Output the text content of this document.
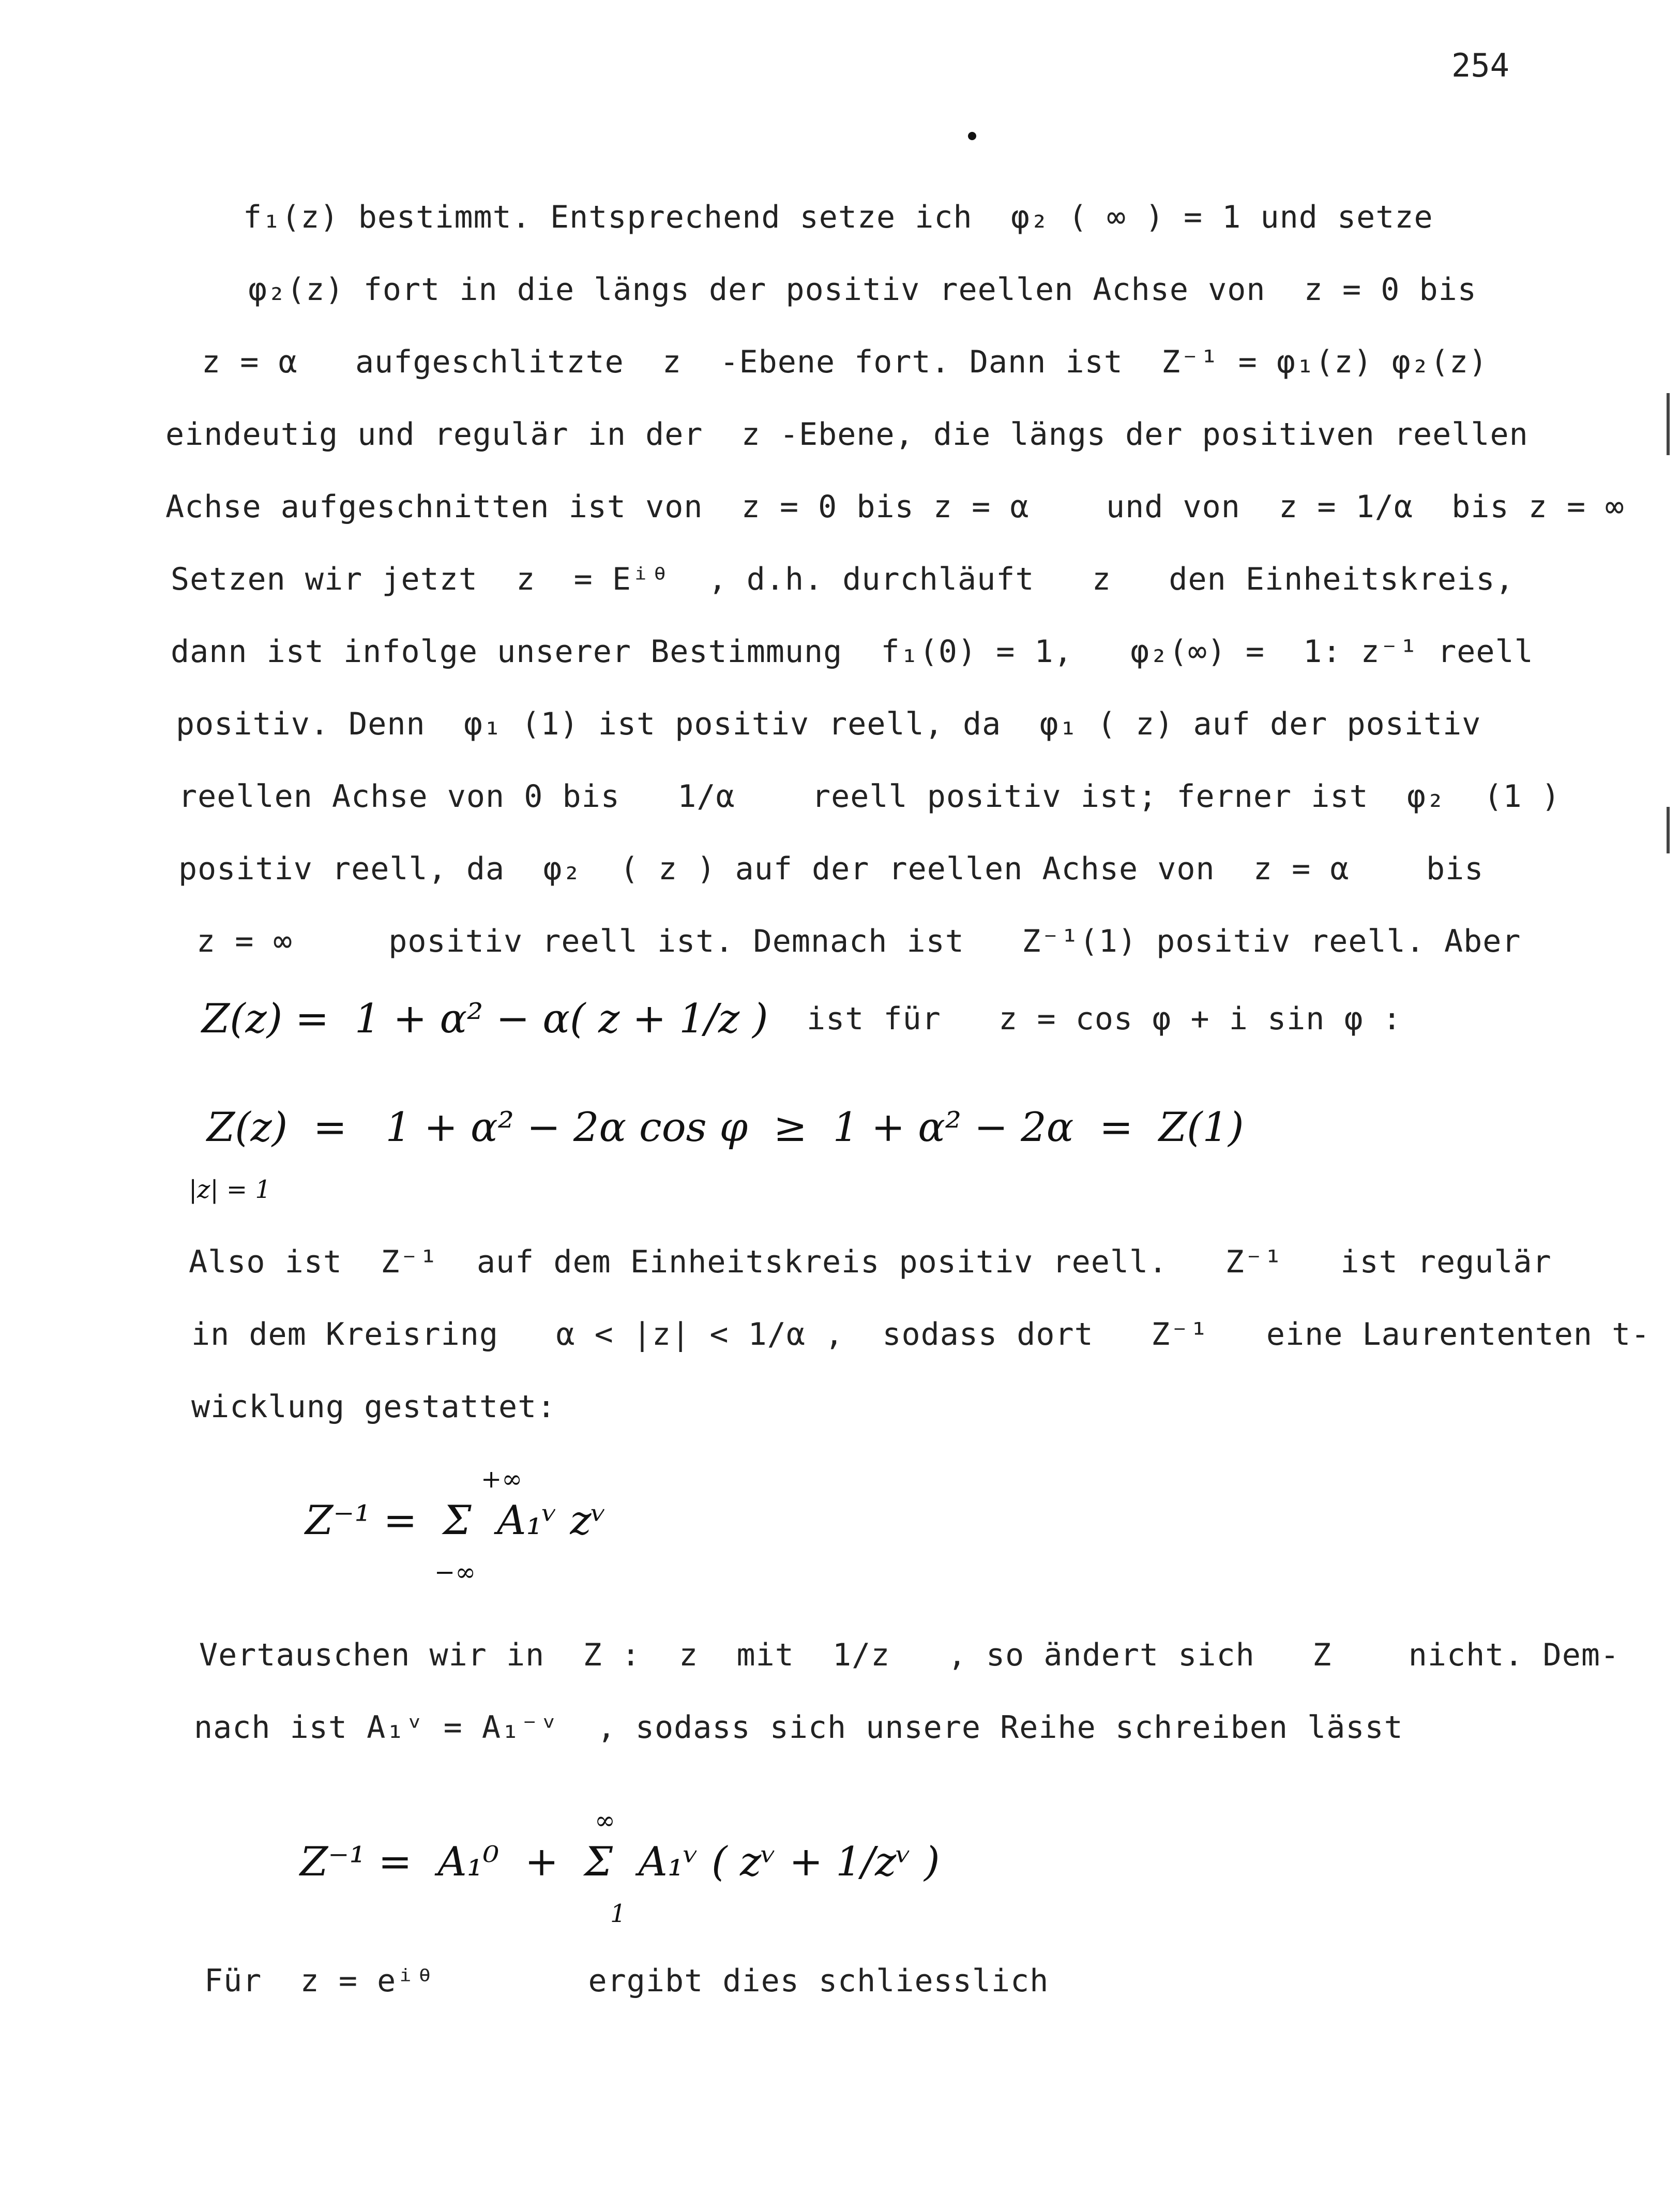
254
f₁(z) bestimmt. Entsprechend setze ich  φ₂ ( ∞ ) = 1 und setze
φ₂(z) fort in die längs der positiv reellen Achse von  z = 0 bis
z = α   aufgeschlitzte  z  -Ebene fort. Dann ist  Z⁻¹ = φ₁(z) φ₂(z)
eindeutig und regulär in der  z -Ebene, die längs der positiven reellen
Achse aufgeschnitten ist von  z = 0 bis z = α    und von  z = 1/α  bis z = ∞
Setzen wir jetzt  z  = Eⁱᶿ  , d.h. durchläuft   z   den Einheitskreis,
dann ist infolge unserer Bestimmung  f₁(0) = 1,   φ₂(∞) =  1: z⁻¹ reell
positiv. Denn  φ₁ (1) ist positiv reell, da  φ₁ ( z) auf der positiv
reellen Achse von 0 bis   1/α    reell positiv ist; ferner ist  φ₂  (1 )
positiv reell, da  φ₂  ( z ) auf der reellen Achse von  z = α    bis
z = ∞     positiv reell ist. Demnach ist   Z⁻¹(1) positiv reell. Aber
Z(z) =  1 + α² − α( z + 1/z ) ist für   z = cos φ + i sin φ :
Z(z)  =   1 + α² − 2α cos φ  ≥  1 + α² − 2α  =  Z(1)
|z| = 1
Also ist  Z⁻¹  auf dem Einheitskreis positiv reell.   Z⁻¹   ist regulär
in dem Kreisring   α < |z| < 1/α ,  sodass dort   Z⁻¹   eine Laurententen t-
wicklung gestattet:
+∞
Z⁻¹ =  Σ  A₁ᵛ zᵛ
−∞
Vertauschen wir in  Z :  z  mit  1/z   , so ändert sich   Z    nicht. Dem-
nach ist A₁ᵛ = A₁⁻ᵛ  , sodass sich unsere Reihe schreiben lässt
∞
Z⁻¹ =  A₁⁰  +  Σ  A₁ᵛ ( zᵛ + 1/zᵛ )
1
Für  z = eⁱᶿ        ergibt dies schliesslich
